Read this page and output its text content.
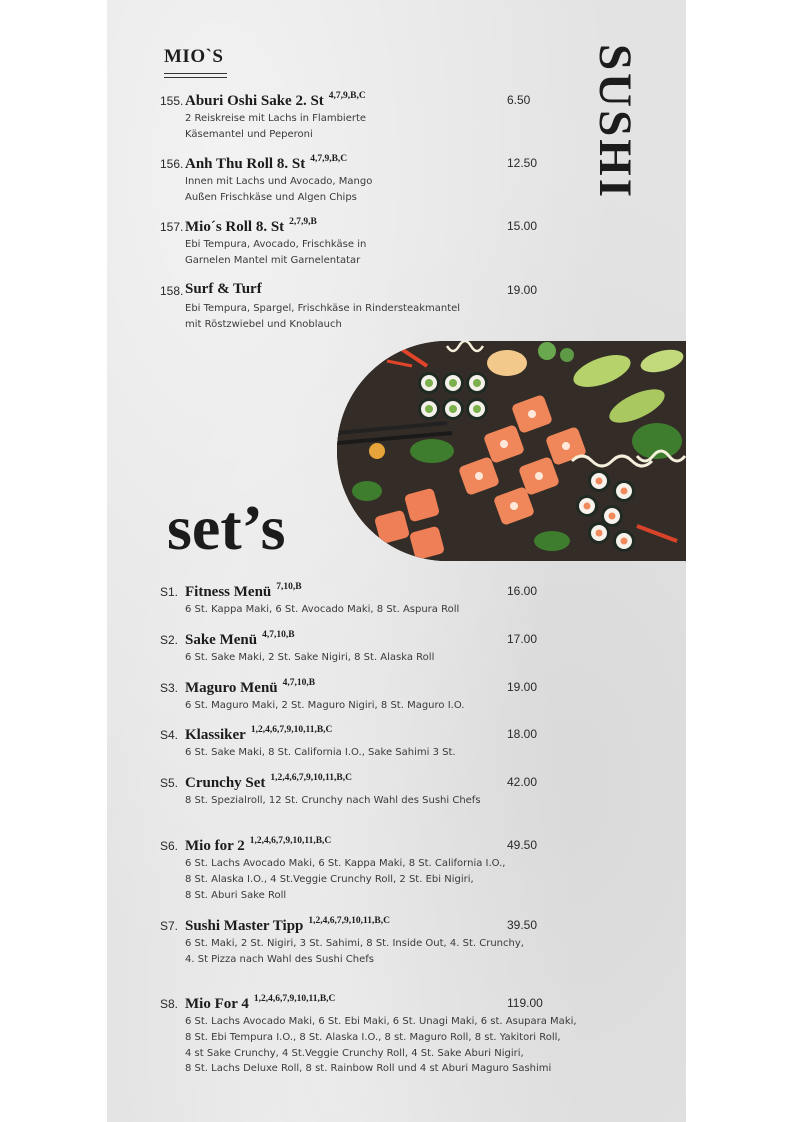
MIO`S	SUSHI
155. Aburi Oshi Sake 2. St $^{4,7,9,B,C}$	6.50
2 Reiskreise mit Lachs in Flambierte
Käsemantel und Peperoni
156. Anh Thu Roll 8. St $^{4,7,9,B,C}$	12.50
Innen mit Lachs und Avocado, Mango
Außen Frischkäse und Algen Chips
157. Mio´s Roll 8. St $^{2,7,9,B}$	15.00
Ebi Tempura, Avocado, Frischkäse in
Garnelen Mantel mit Garnelentatar
158. Surf & Turf	19.00
Ebi Tempura, Spargel, Frischkäse in Rindersteakmantel
mit Röstzwiebel und Knoblauch
set’s
S1. Fitness Menü $^{7,10,B}$	16.00
6 St. Kappa Maki, 6 St. Avocado Maki, 8 St. Aspura Roll
S2. Sake Menü $^{4,7,10,B}$	17.00
6 St. Sake Maki, 2 St. Sake Nigiri, 8 St. Alaska Roll
S3. Maguro Menü $^{4,7,10,B}$	19.00
6 St. Maguro Maki, 2 St. Maguro Nigiri, 8 St. Maguro I.O.
S4. Klassiker $^{1,2,4,6,7,9,10,11,B,C}$	18.00
6 St. Sake Maki, 8 St. California I.O., Sake Sahimi 3 St.
S5. Crunchy Set $^{1,2,4,6,7,9,10,11,B,C}$	42.00
8 St. Spezialroll, 12 St. Crunchy nach Wahl des Sushi Chefs
S6. Mio for 2 $^{1,2,4,6,7,9,10,11,B,C}$	49.50
6 St. Lachs Avocado Maki, 6 St. Kappa Maki, 8 St. California I.O.,
8 St. Alaska I.O., 4 St.Veggie Crunchy Roll, 2 St. Ebi Nigiri,
8 St. Aburi Sake Roll
S7. Sushi Master Tipp $^{1,2,4,6,7,9,10,11,B,C}$	39.50
6 St. Maki, 2 St. Nigiri, 3 St. Sahimi, 8 St. Inside Out, 4. St. Crunchy,
4. St Pizza nach Wahl des Sushi Chefs
S8. Mio For 4 $^{1,2,4,6,7,9,10,11,B,C}$	119.00
6 St. Lachs Avocado Maki, 6 St. Ebi Maki, 6 St. Unagi Maki, 6 st. Asupara Maki,
8 St. Ebi Tempura I.O., 8 St. Alaska I.O., 8 st. Maguro Roll, 8 st. Yakitori Roll,
4 st Sake Crunchy, 4 St.Veggie Crunchy Roll, 4 St. Sake Aburi Nigiri,
8 St. Lachs Deluxe Roll, 8 st. Rainbow Roll und 4 st Aburi Maguro Sashimi
